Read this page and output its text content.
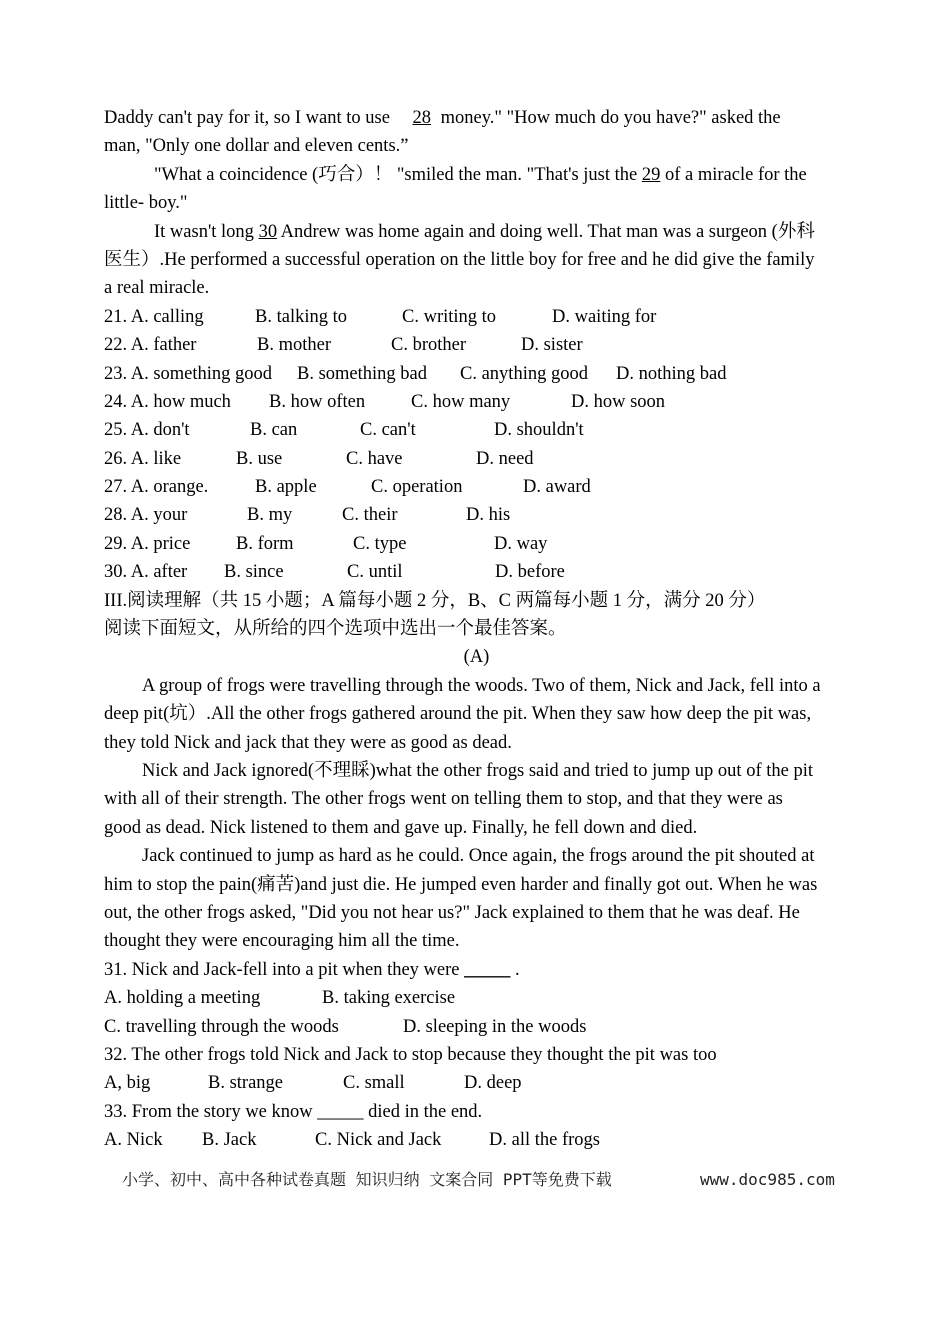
Daddy can't pay for it, so I want to use 28 money." "How much do you have?" asked the
man, "Only one dollar and eleven cents.”
"What a coincidence (巧合）！ "smiled the man. "That's just the 29 of a miracle for the
little- boy."
It wasn't long 30 Andrew was home again and doing well. That man was a surgeon (外科
医生）.He performed a successful operation on the little boy for free and he did give the family
a real miracle.
21. A. calling	B. talking to	C. writing to	D. waiting for
22. A. father	B. mother	C. brother	D. sister
23. A. something good B. something bad C. anything good D. nothing bad
24. A. how much B. how often C. how many	D. how soon
25. A. don't	B. can	C. can't	D. shouldn't
26. A. like	B. use	C. have	D. need
27. A. orange.	B. apple	C. operation	D. award
28. A. your	B. my	C. their	D. his
29. A. price B. form	C. type	D. way
30. A. after B. since	C. until	D. before
III.阅读理解（共 15 小题；A 篇每小题 2 分，B、C 两篇每小题 1 分，满分 20 分）
阅读下面短文，从所给的四个选项中选出一个最佳答案。
(A)
A group of frogs were travelling through the woods. Two of them, Nick and Jack, fell into a
deep pit(坑）.All the other frogs gathered around the pit. When they saw how deep the pit was,
they told Nick and jack that they were as good as dead.
Nick and Jack ignored(不理睬)what the other frogs said and tried to jump up out of the pit
with all of their strength. The other frogs went on telling them to stop, and that they were as
good as dead. Nick listened to them and gave up. Finally, he fell down and died.
Jack continued to jump as hard as he could. Once again, the frogs around the pit shouted at
him to stop the pain(痛苦)and just die. He jumped even harder and finally got out. When he was
out, the other frogs asked, "Did you not hear us?" Jack explained to them that he was deaf. He
thought they were encouraging him all the time.
31. Nick and Jack-fell into a pit when they were _____ .
A. holding a meeting	B. taking exercise
C. travelling through the woods	D. sleeping in the woods
32. The other frogs told Nick and Jack to stop because they thought the pit was too
A, big	B. strange	C. small	D. deep
33. From the story we know _____ died in the end.
A. Nick B. Jack	C. Nick and Jack	D. all the frogs
小学、初中、高中各种试卷真题 知识归纳 文案合同 PPT等免费下载	www.doc985.com
